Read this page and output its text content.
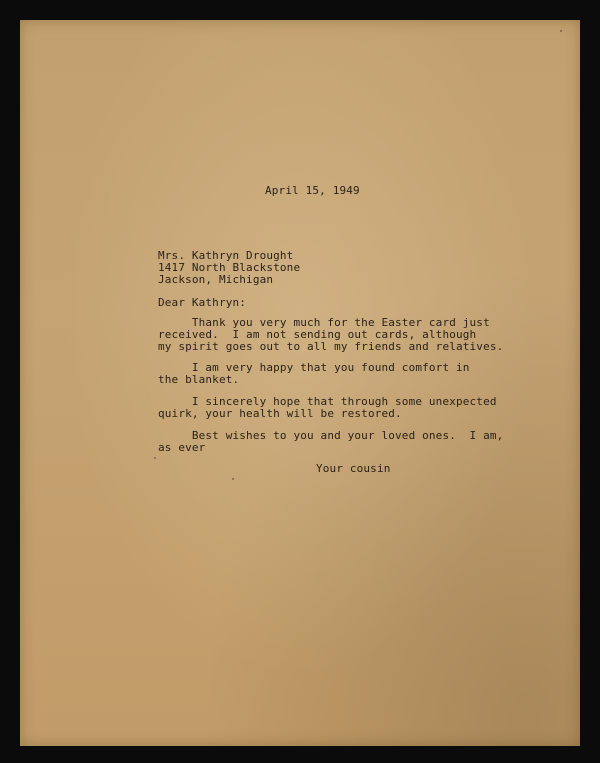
April 15, 1949
Mrs. Kathryn Drought
1417 North Blackstone
Jackson, Michigan
Dear Kathryn:
Thank you very much for the Easter card just
received.  I am not sending out cards, although
my spirit goes out to all my friends and relatives.
I am very happy that you found comfort in
the blanket.
I sincerely hope that through some unexpected
quirk, your health will be restored.
Best wishes to you and your loved ones.  I am,
as ever
Your cousin
